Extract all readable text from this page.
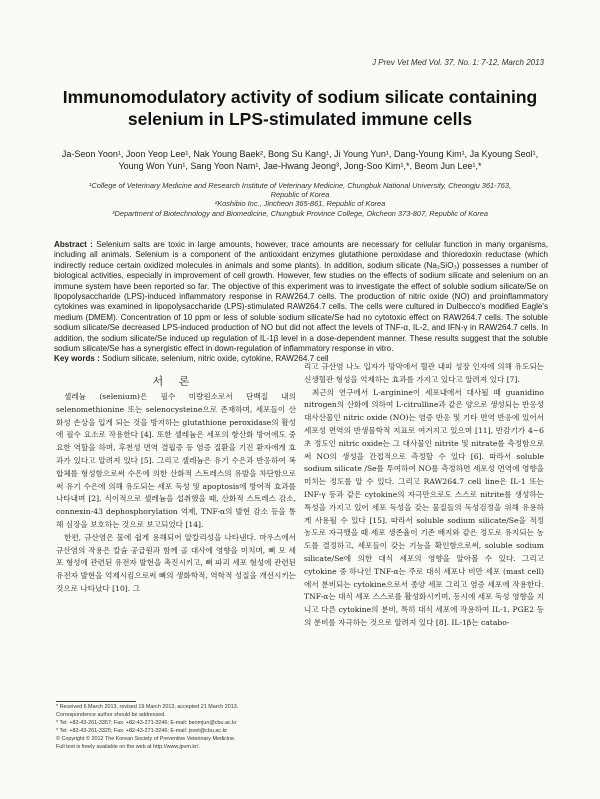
J Prev Vet Med Vol. 37, No. 1: 7-12, March 2013
Immunomodulatory activity of sodium silicate containing
selenium in LPS-stimulated immune cells
Ja-Seon Yoon¹, Joon Yeop Lee¹, Nak Young Baek², Bong Su Kang¹, Ji Young Yun¹, Dang-Young Kim¹, Ja Kyoung Seol¹,
Young Won Yun¹, Sang Yoon Nam¹, Jae-Hwang Jeong³, Jong-Soo Kim¹,*, Beom Jun Lee¹,*
¹College of Veterinary Medicine and Research Institute of Veterinary Medicine, Chungbuk National University, Cheongju 361-763,
Republic of Korea
²Koshibio Inc., Jincheon 365-861, Republic of Korea
³Department of Biotechnology and Biomedicine, Chungbuk Province College, Okcheon 373-807, Republic of Korea
Abstract : Selenium salts are toxic in large amounts, however, trace amounts are necessary for cellular function in many organisms, including all animals. Selenium is a component of the antioxidant enzymes glutathione peroxidase and thioredoxin reductase (which indirectly reduce certain oxidized molecules in animals and some plants). In addition, sodium silicate (Na₂SiO₃) possesses a number of biological activities, especially in improvement of cell growth. However, few studies on the effects of sodium silicate and selenium on an immune system have been reported so far. The objective of this experiment was to investigate the effect of soluble sodium silicate/Se on lipopolysaccharide (LPS)-induced inflammatory response in RAW264.7 cells. The production of nitric oxide (NO) and proinflammatory cytokines was examined in lipopolysaccharide (LPS)-stimulated RAW264.7 cells. The cells were cultured in Dulbecco's modified Eagle's medium (DMEM). Concentration of 10 ppm or less of soluble sodium silicate/Se had no cytotoxic effect on RAW264.7 cells. The soluble sodium silicate/Se decreased LPS-induced production of NO but did not affect the levels of TNF-α, IL-2, and IFN-γ in RAW264.7 cells. In addition, the sodium silicate/Se induced up regulation of IL-1β level in a dose-dependent manner. These results suggest that the soluble sodium silicate/Se has a synergistic effect in down-regulation of inflammatory response in vitro.
Key words : Sodium silicate, selenium, nitric oxide, cytokine, RAW264.7 cell
서 론

셀레늄 (selenium)은 필수 미량원소로서 단백질 내의 selenomethionine 또는 selenocysteine으로 존재하며, 세포들이 산화성 손상을 입게 되는 것을 방지하는 glutathione peroxidase의 활성에 필수 요소로 작용한다 [4]. 또한 셀레늄은 세포의 항산화 방어에도 중요한 역할을 하며, 후천성 면역 결핍증 등 염증 질환을 기진 환자에게 효과가 있다고 알려져 있다 [5]. 그리고 셀레늄은 유기 수은과 반응하여 복합체를 형성함으로써 수은에 의한 산화적 스트레스의 유발을 차단함으로써 유기 수은에 의해 유도되는 세포 독성 및 apoptosis에 방어적 효과를 나타내며 [2], 식이적으로 셀레늄을 섭취했을 때, 산화적 스트레스 감소, connexin-43 dephosphorylation 억제, TNF-α의 발현 감소 등을 통해 심장을 보호하는 것으로 보고되었다 [14].

한편, 규산염은 물에 쉽게 용해되어 알칼리성을 나타낸다. 마우스에서 규산염의 작용은 칼슘 공급원과 함께 골 대사에 영향을 미치며, 뼈 모 세포 형성에 관련된 유전자 발현을 촉진시키고, 뼈 파괴 세포 형성에 관련된 유전자 발현을 억제시킴으로써 뼈의 생화학적, 역학적 성질을 개선시키는 것으로 나타났다 [10]. 그

리고 규산염 나노 입자가 망막에서 혈관 내피 성장 인자에 의해 유도되는 신생혈관 형성을 억제하는 효과를 가지고 있다고 알려져 있다 [7].

최근의 연구에서 L-arginine이 세포내에서 대사될 때 guanidino nitrogen의 산화에 의하여 L-citrulline과 같은 양으로 생성되는 반응성 대사산물인 nitric oxide (NO)는 염증 반응 및 기타 면역 반응에 있어서 세포성 면역의 반생물학적 지표로 여겨지고 있으며 [11], 반감기가 4~6초 정도인 nitric oxide는 그 대사물인 nitrite 및 nitrate를 측정함으로써 NO의 생성을 간접적으로 측정할 수 있다 [6]. 따라서 soluble sodium silicate /Se를 투여하여 NO를 측정하면 세포성 면역에 영향을 미치는 정도를 알 수 있다. 그리고 RAW264.7 cell line은 IL-1 또는 INF-γ 등과 같은 cytokine의 자극만으로도 스스로 nitrite를 생성하는 특성을 가지고 있어 세포 독성을 갖는 물질들의 독성검정을 위해 유용하게 사용될 수 있다 [15]. 따라서 soluble sodium silicate/Se을 적정 농도로 자극했을 때 세포 생존율이 기존 배지와 같은 정도로 유지되는 농도를 결정하고, 세포들이 갖는 기능을 확인함으로써, soluble sodium silicate/Se에 의한 대식 세포의 영향을 알아볼 수 있다. 그리고 cytokine 중 하나인 TNF-α는 주로 대식 세포나 비만 세포 (mast cell)에서 분비되는 cytokine으로서 종양 세포 그리고 염증 세포에 작용한다. TNF-α는 대식 세포 스스로를 활성화시키며, 동시에 세포 독성 영향을 지니고 다른 cytokine의 분비, 특히 대식 세포에 작용하여 IL-1, PGE2 등의 분비를 자극하는 것으로 알려져 있다 [8]. IL-1β는 catabo-

* Received 6 March 2013, revised 19 March 2013, accepted 21 March 2013.
Correspondence author should be addressed.
* Tel: +82-43-261-3357; Fax: +82-43-271-3246; E-mail: beomjun@cbu.ac.kr
* Tel: +82-43-261-3325; Fax: +82-43-271-3246; E-mail: jsvet@cbu.ac.kr
© Copyright © 2012 The Korean Society of Preventive Veterinary Medicine.
Full text is freely available on the web at http://www.jpvm.kr/.
